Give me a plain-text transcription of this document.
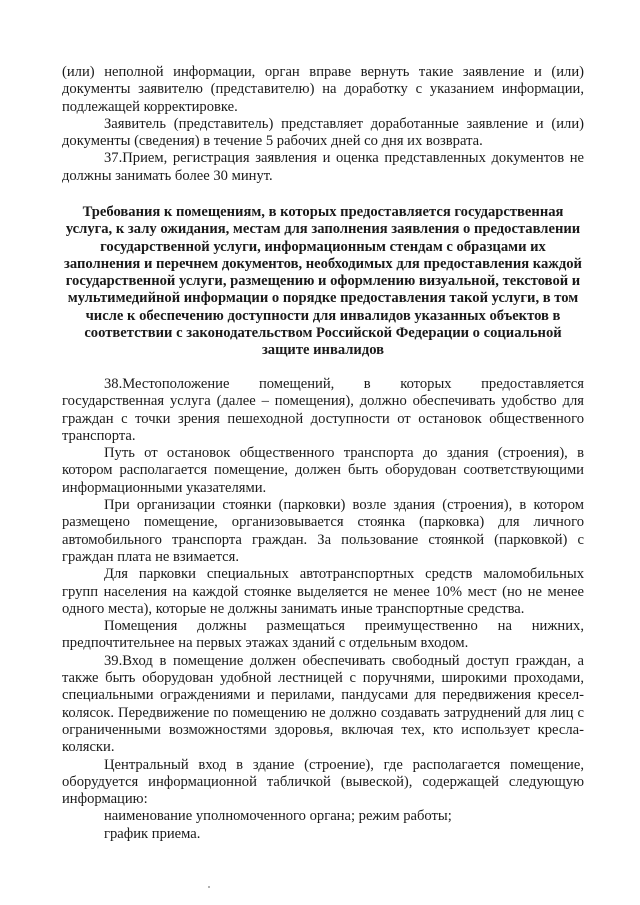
(или) неполной информации, орган вправе вернуть такие заявление и (или) документы заявителю (представителю) на доработку с указанием информации, подлежащей корректировке.

Заявитель (представитель) представляет доработанные заявление и (или) документы (сведения) в течение 5 рабочих дней со дня их возврата.

37.Прием, регистрация заявления и оценка представленных документов не должны занимать более 30 минут.

Требования к помещениям, в которых предоставляется государственная услуга, к залу ожидания, местам для заполнения заявления о предоставлении государственной услуги, информационным стендам с образцами их заполнения и перечнем документов, необходимых для предоставления каждой государственной услуги, размещению и оформлению визуальной, текстовой и мультимедийной информации о порядке предоставления такой услуги, в том числе к обеспечению доступности для инвалидов указанных объектов в соответствии с законодательством Российской Федерации о социальной защите инвалидов

38.Местоположение помещений, в которых предоставляется государственная услуга (далее – помещения), должно обеспечивать удобство для граждан с точки зрения пешеходной доступности от остановок общественного транспорта.

Путь от остановок общественного транспорта до здания (строения), в котором располагается помещение, должен быть оборудован соответствующими информационными указателями.

При организации стоянки (парковки) возле здания (строения), в котором размещено помещение, организовывается стоянка (парковка) для личного автомобильного транспорта граждан. За пользование стоянкой (парковкой) с граждан плата не взимается.

Для парковки специальных автотранспортных средств маломобильных групп населения на каждой стоянке выделяется не менее 10% мест (но не менее одного места), которые не должны занимать иные транспортные средства.

Помещения должны размещаться преимущественно на нижних, предпочтительнее на первых этажах зданий с отдельным входом.

39.Вход в помещение должен обеспечивать свободный доступ граждан, а также быть оборудован удобной лестницей с поручнями, широкими проходами, специальными ограждениями и перилами, пандусами для передвижения кресел-колясок. Передвижение по помещению не должно создавать затруднений для лиц с ограниченными возможностями здоровья, включая тех, кто использует кресла- коляски.

Центральный вход в здание (строение), где располагается помещение, оборудуется информационной табличкой (вывеской), содержащей следующую информацию:

наименование уполномоченного органа; режим работы;

график приема.
